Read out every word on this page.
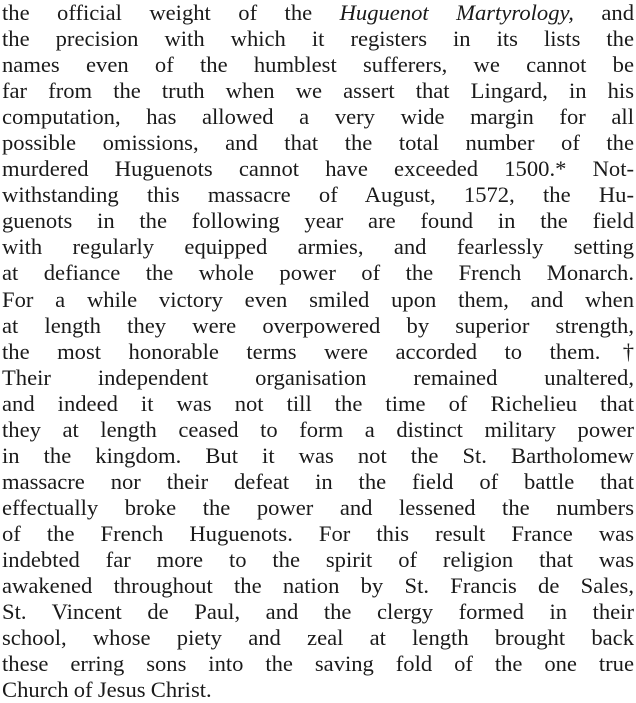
the official weight of the Huguenot Martyrology, and
the precision with which it registers in its lists the
names even of the humblest sufferers, we cannot be
far from the truth when we assert that Lingard, in his
computation, has allowed a very wide margin for all
possible omissions, and that the total number of the
murdered Huguenots cannot have exceeded 1500.* Not-
withstanding this massacre of August, 1572, the Hu-
guenots in the following year are found in the field
with regularly equipped armies, and fearlessly setting
at defiance the whole power of the French Monarch.
For a while victory even smiled upon them, and when
at length they were overpowered by superior strength,
the most honorable terms were accorded to them.†
Their independent organisation remained unaltered,
and indeed it was not till the time of Richelieu that
they at length ceased to form a distinct military power
in the kingdom. But it was not the St. Bartholomew
massacre nor their defeat in the field of battle that
effectually broke the power and lessened the numbers
of the French Huguenots. For this result France was
indebted far more to the spirit of religion that was
awakened throughout the nation by St. Francis de Sales,
St. Vincent de Paul, and the clergy formed in their
school, whose piety and zeal at length brought back
these erring sons into the saving fold of the one true
Church of Jesus Christ.
